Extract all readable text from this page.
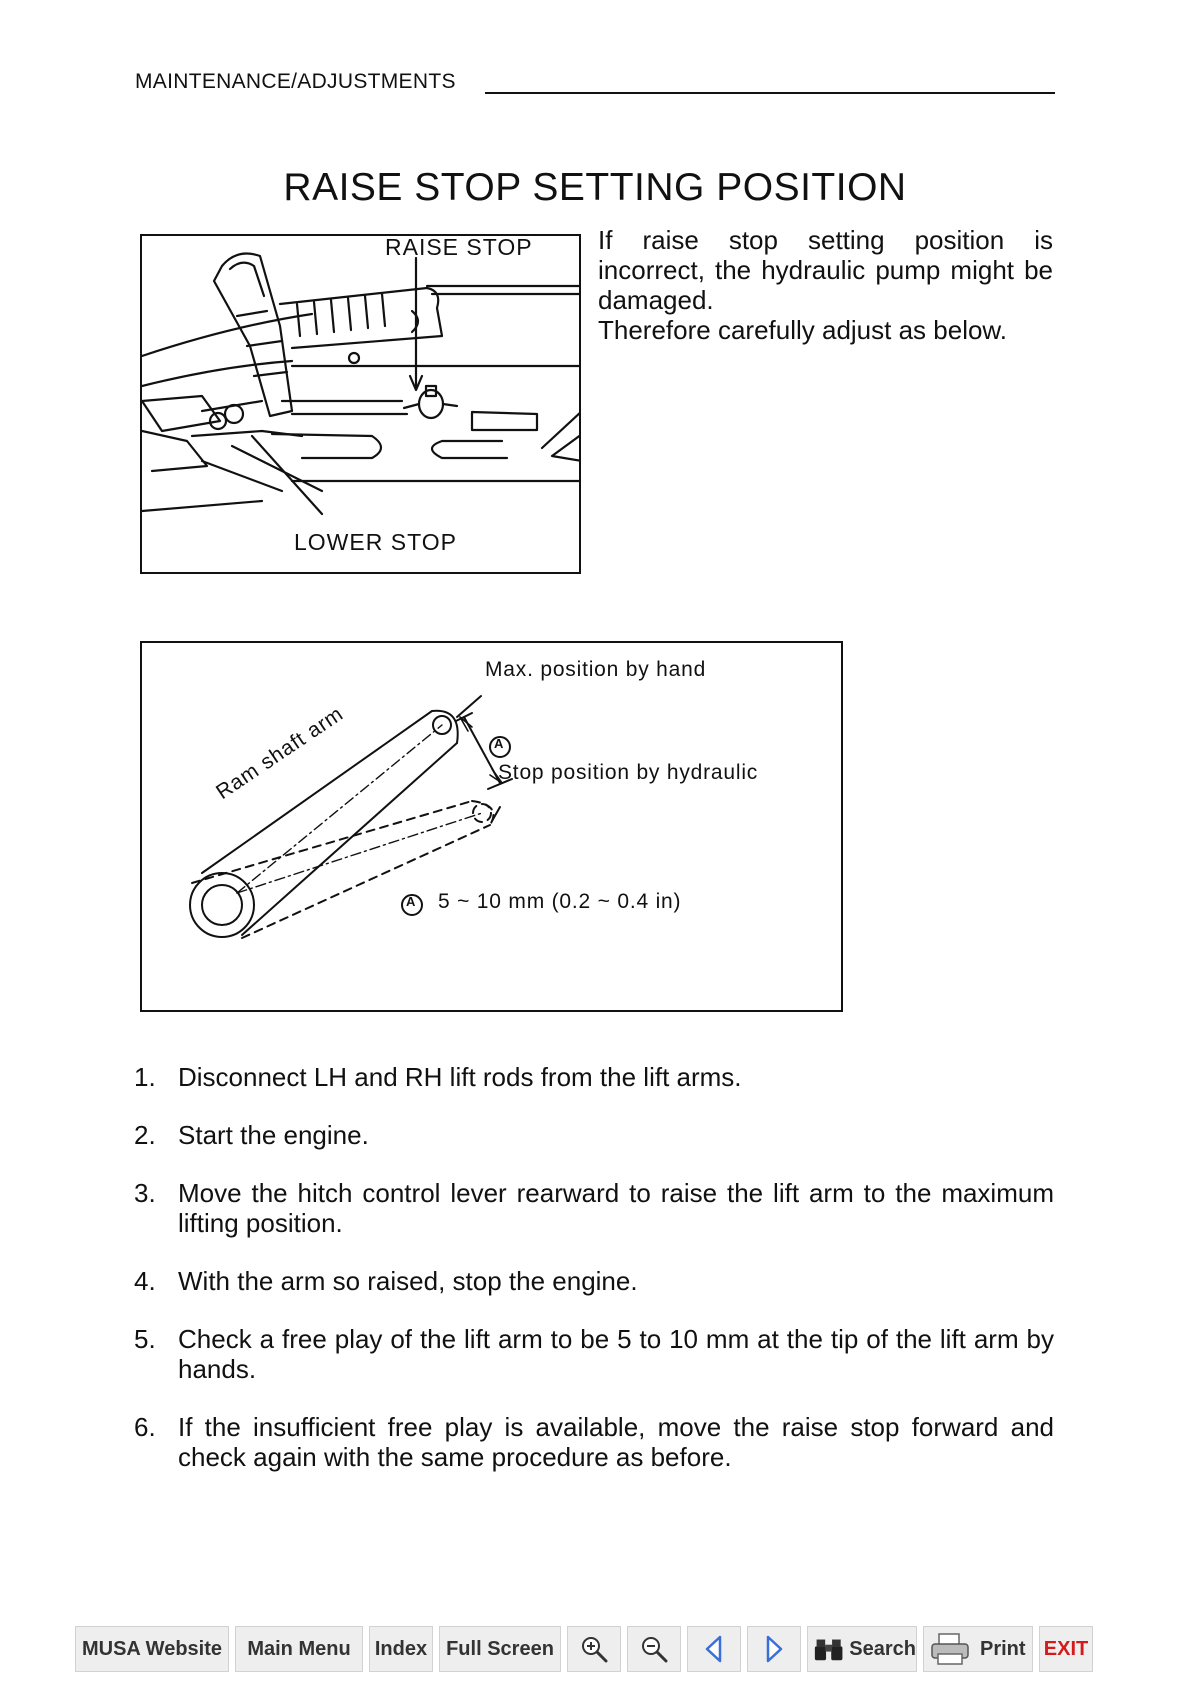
MAINTENANCE/ADJUSTMENTS
RAISE STOP SETTING POSITION
RAISE STOP
LOWER STOP

If raise stop setting position is incorrect, the hydraulic pump might be damaged.

Therefore carefully adjust as below.

Ram shaft arm
Max. position by hand
Stop position by hydraulic
A
A 5 ~ 10 mm (0.2 ~ 0.4 in)
1. Disconnect LH and RH lift rods from the lift arms.
2. Start the engine.
3. Move the hitch control lever rearward to raise the lift arm to the maximum lifting position.
4. With the arm so raised, stop the engine.
5. Check a free play of the lift arm to be 5 to 10 mm at the tip of the lift arm by hands.
6. If the insufficient free play is available, move the raise stop forward and check again with the same procedure as before.
MUSA Website Main Menu Index Full Screen	Search	Print EXIT
